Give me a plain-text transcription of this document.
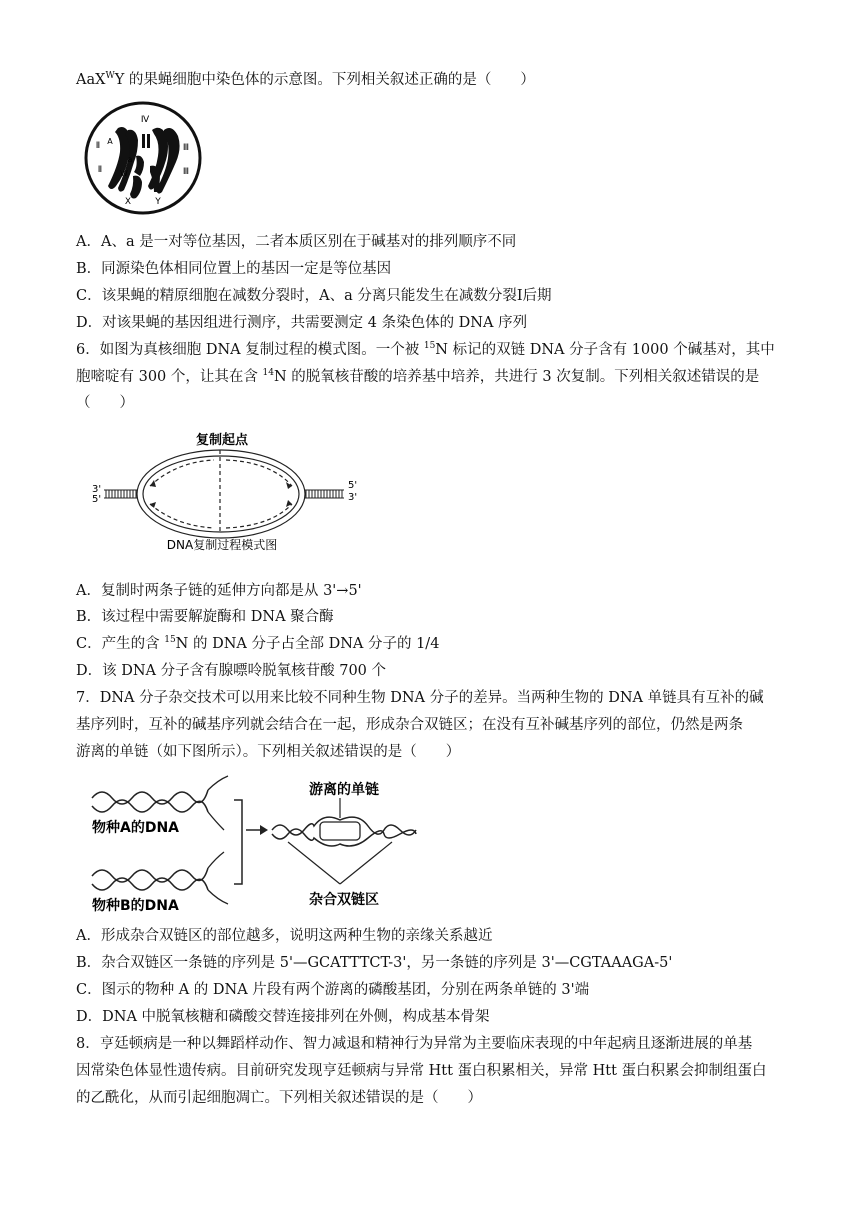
AaX$^W$Y 的果蝇细胞中染色体的示意图。下列相关叙述正确的是（　　）
Ⅳ
Ⅱ A
a
Ⅱ W
Ⅲ
Ⅲ
X	Y
A．A、a 是一对等位基因，二者本质区别在于碱基对的排列顺序不同
B．同源染色体相同位置上的基因一定是等位基因
C．该果蝇的精原细胞在减数分裂时，A、a 分离只能发生在减数分裂Ⅰ后期
D．对该果蝇的基因组进行测序，共需要测定 4 条染色体的 DNA 序列
6．如图为真核细胞 DNA 复制过程的模式图。一个被 $^{15}$N 标记的双链 DNA 分子含有 1000 个碱基对，其中
胞嘧啶有 300 个，让其在含 $^{14}$N 的脱氧核苷酸的培养基中培养，共进行 3 次复制。下列相关叙述错误的是
（　　）
复制起点
3'
5'
5'
3'
DNA复制过程模式图
A．复制时两条子链的延伸方向都是从 3'→5'
B．该过程中需要解旋酶和 DNA 聚合酶
C．产生的含 $^{15}$N 的 DNA 分子占全部 DNA 分子的 1/4
D．该 DNA 分子含有腺嘌呤脱氧核苷酸 700 个
7．DNA 分子杂交技术可以用来比较不同种生物 DNA 分子的差异。当两种生物的 DNA 单链具有互补的碱
基序列时，互补的碱基序列就会结合在一起，形成杂合双链区；在没有互补碱基序列的部位，仍然是两条
游离的单链（如下图所示）。下列相关叙述错误的是（　　）
物种A的DNA
物种B的DNA
游离的单链
杂合双链区
A．形成杂合双链区的部位越多，说明这两种生物的亲缘关系越近
B．杂合双链区一条链的序列是 5'—GCATTTCT-3'，另一条链的序列是 3'—CGTAAAGA-5'
C．图示的物种 A 的 DNA 片段有两个游离的磷酸基团，分别在两条单链的 3'端
D．DNA 中脱氧核糖和磷酸交替连接排列在外侧，构成基本骨架
8．亨廷顿病是一种以舞蹈样动作、智力减退和精神行为异常为主要临床表现的中年起病且逐渐进展的单基
因常染色体显性遗传病。目前研究发现亨廷顿病与异常 Htt 蛋白积累相关，异常 Htt 蛋白积累会抑制组蛋白
的乙酰化，从而引起细胞凋亡。下列相关叙述错误的是（　　）
